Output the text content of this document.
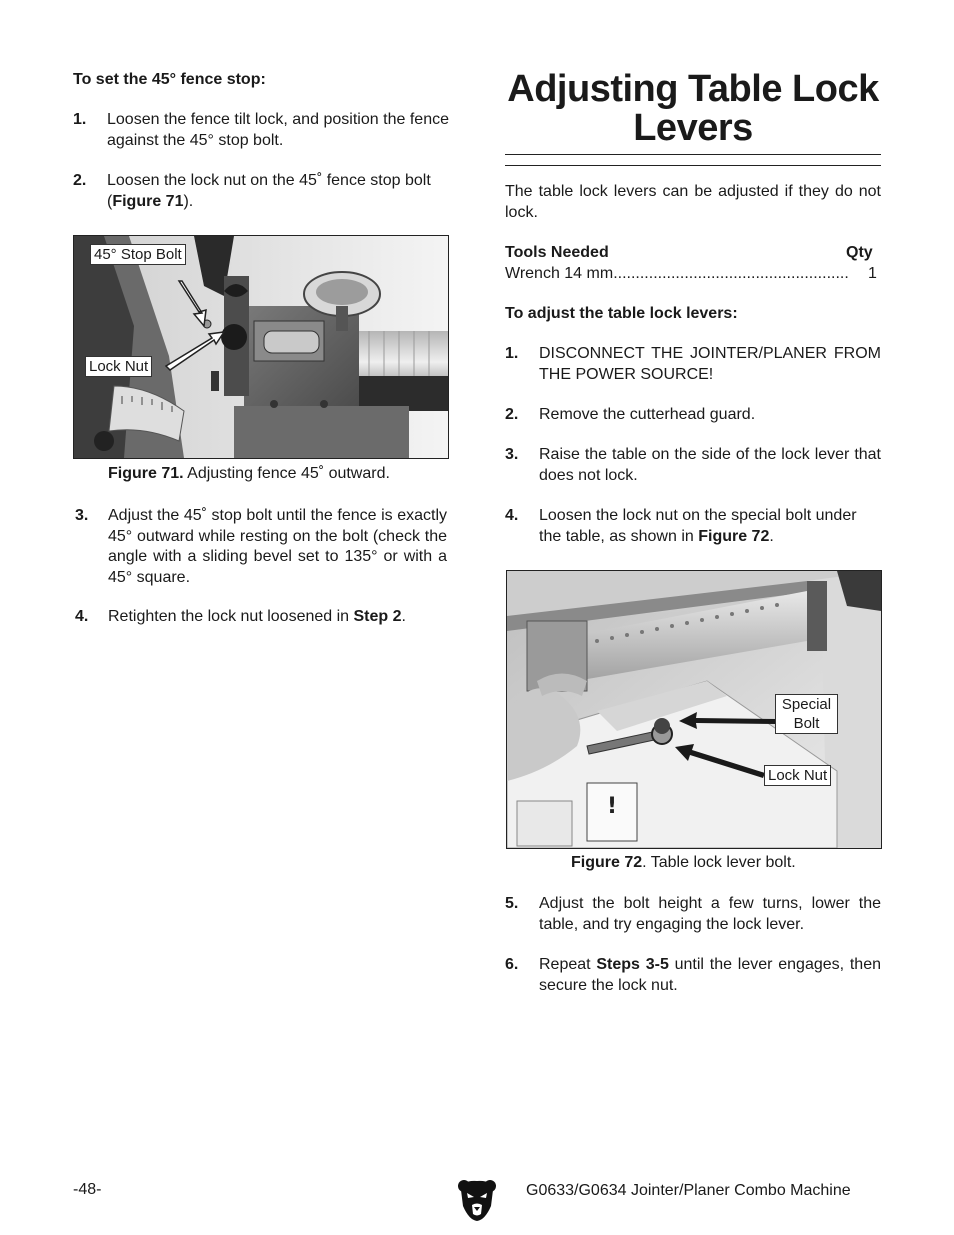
To set the 45° fence stop:
1. Loosen the fence tilt lock, and position the fence against the 45° stop bolt.
2. Loosen the lock nut on the 45˚ fence stop bolt (Figure 71).
45° Stop Bolt
Lock Nut
Figure 71. Adjusting fence 45˚ outward.
3. Adjust the 45˚ stop bolt until the fence is exactly 45° outward while resting on the bolt (check the angle with a sliding bevel set to 135° or with a 45° square.
4. Retighten the lock nut loosened in Step 2.
Adjusting Table Lock
Levers
The table lock levers can be adjusted if they do not lock.
Tools Needed	Qty
Wrench 14 mm.....................................................	1
To adjust the table lock levers:
1. DISCONNECT THE JOINTER/PLANER FROM THE POWER SOURCE!
2. Remove the cutterhead guard.
3. Raise the table on the side of the lock lever that does not lock.
4. Loosen the lock nut on the special bolt under the table, as shown in Figure 72.
!
Special
Bolt
Lock Nut
Figure 72. Table lock lever bolt.
5. Adjust the bolt height a few turns, lower the table, and try engaging the lock lever.
6. Repeat Steps 3-5 until the lever engages, then secure the lock nut.
-48-	G0633/G0634 Jointer/Planer Combo Machine
